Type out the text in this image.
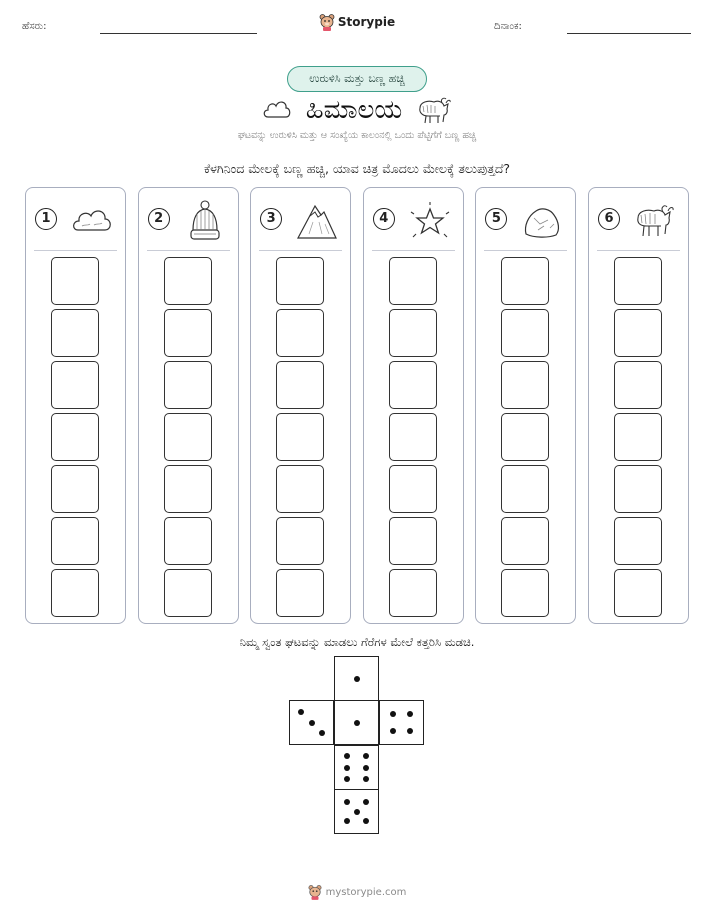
ಹೆಸರು:	Storypie	ದಿನಾಂಕ:
ಉರುಳಿಸಿ ಮತ್ತು ಬಣ್ಣ ಹಚ್ಚಿ
ಹಿಮಾಲಯ
ಘಟವನ್ನು ಉರುಳಿಸಿ ಮತ್ತು ಆ ಸಂಖ್ಯೆಯ ಕಾಲಂನಲ್ಲಿ ಒಂದು ಪೆಟ್ಟಿಗೆಗೆ ಬಣ್ಣ ಹಚ್ಚಿ
ಕೆಳಗಿನಿಂದ ಮೇಲಕ್ಕೆ ಬಣ್ಣ ಹಚ್ಚಿ, ಯಾವ ಚಿತ್ರ ಮೊದಲು ಮೇಲಕ್ಕೆ ತಲುಪುತ್ತದೆ?
1	2	3	4	5	6
ನಿಮ್ಮ ಸ್ವಂತ ಘಟವನ್ನು ಮಾಡಲು ಗೆರೆಗಳ ಮೇಲೆ ಕತ್ತರಿಸಿ ಮಡಚಿ.
mystorypie.com
